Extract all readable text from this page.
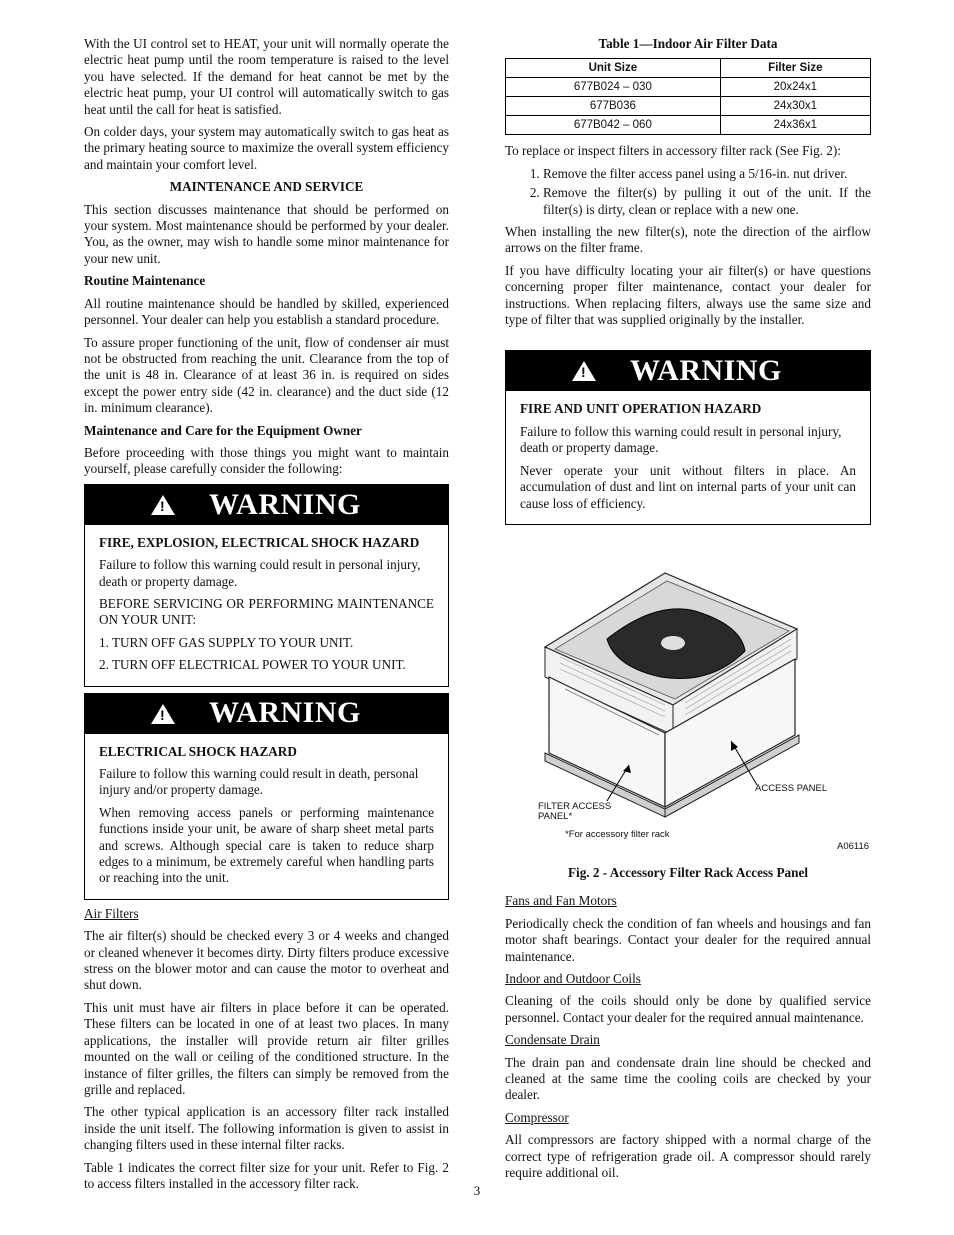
With the UI control set to HEAT, your unit will normally operate the electric heat pump until the room temperature is raised to the level you have selected. If the demand for heat cannot be met by the electric heat pump, your UI control will automatically switch to gas heat until the call for heat is satisfied.

On colder days, your system may automatically switch to gas heat as the primary heating source to maximize the overall system efficiency and maintain your comfort level.

MAINTENANCE AND SERVICE

This section discusses maintenance that should be performed on your system. Most maintenance should be performed by your dealer. You, as the owner, may wish to handle some minor maintenance for your new unit.

Routine Maintenance

All routine maintenance should be handled by skilled, experienced personnel. Your dealer can help you establish a standard procedure.

To assure proper functioning of the unit, flow of condenser air must not be obstructed from reaching the unit. Clearance from the top of the unit is 48 in. Clearance of at least 36 in. is required on sides except the power entry side (42 in. clearance) and the duct side (12 in. minimum clearance).

Maintenance and Care for the Equipment Owner

Before proceeding with those things you might want to maintain yourself, please carefully consider the following:

!
WARNING
FIRE, EXPLOSION, ELECTRICAL SHOCK HAZARD

Failure to follow this warning could result in personal injury, death or property damage.

BEFORE SERVICING OR PERFORMING MAINTENANCE ON YOUR UNIT:

1. TURN OFF GAS SUPPLY TO YOUR UNIT.

2. TURN OFF ELECTRICAL POWER TO YOUR UNIT.

!
WARNING
ELECTRICAL SHOCK HAZARD

Failure to follow this warning could result in death, personal injury and/or property damage.

When removing access panels or performing maintenance functions inside your unit, be aware of sharp sheet metal parts and screws. Although special care is taken to reduce sharp edges to a minimum, be extremely careful when handling parts or reaching into the unit.

Air Filters

The air filter(s) should be checked every 3 or 4 weeks and changed or cleaned whenever it becomes dirty. Dirty filters produce excessive stress on the blower motor and can cause the motor to overheat and shut down.

This unit must have air filters in place before it can be operated. These filters can be located in one of at least two places. In many applications, the installer will provide return air filter grilles mounted on the wall or ceiling of the conditioned structure. In the instance of filter grilles, the filters can simply be removed from the grille and replaced.

The other typical application is an accessory filter rack installed inside the unit itself. The following information is given to assist in changing filters used in these internal filter racks.

Table 1 indicates the correct filter size for your unit. Refer to Fig. 2 to access filters installed in the accessory filter rack.

Table 1—Indoor Air Filter Data
Unit Size	Filter Size
677B024 – 030	20x24x1
677B036	24x30x1
677B042 – 060	24x36x1

To replace or inspect filters in accessory filter rack (See Fig. 2):

1. Remove the filter access panel using a 5/16-in. nut driver.
2. Remove the filter(s) by pulling it out of the unit. If the filter(s) is dirty, clean or replace with a new one.

When installing the new filter(s), note the direction of the airflow arrows on the filter frame.

If you have difficulty locating your air filter(s) or have questions concerning proper filter maintenance, contact your dealer for instructions. When replacing filters, always use the same size and type of filter that was supplied originally by the installer.

!
WARNING
FIRE AND UNIT OPERATION HAZARD

Failure to follow this warning could result in personal injury, death or property damage.

Never operate your unit without filters in place. An accumulation of dust and lint on internal parts of your unit can cause loss of efficiency.

ACCESS PANEL
FILTER ACCESS
PANEL*
*For accessory filter rack
A06116
Fig. 2 - Accessory Filter Rack Access Panel
Fans and Fan Motors

Periodically check the condition of fan wheels and housings and fan motor shaft bearings. Contact your dealer for the required annual maintenance.

Indoor and Outdoor Coils

Cleaning of the coils should only be done by qualified service personnel. Contact your dealer for the required annual maintenance.

Condensate Drain

The drain pan and condensate drain line should be checked and cleaned at the same time the cooling coils are checked by your dealer.

Compressor

All compressors are factory shipped with a normal charge of the correct type of refrigeration grade oil. A compressor should rarely require additional oil.

3
